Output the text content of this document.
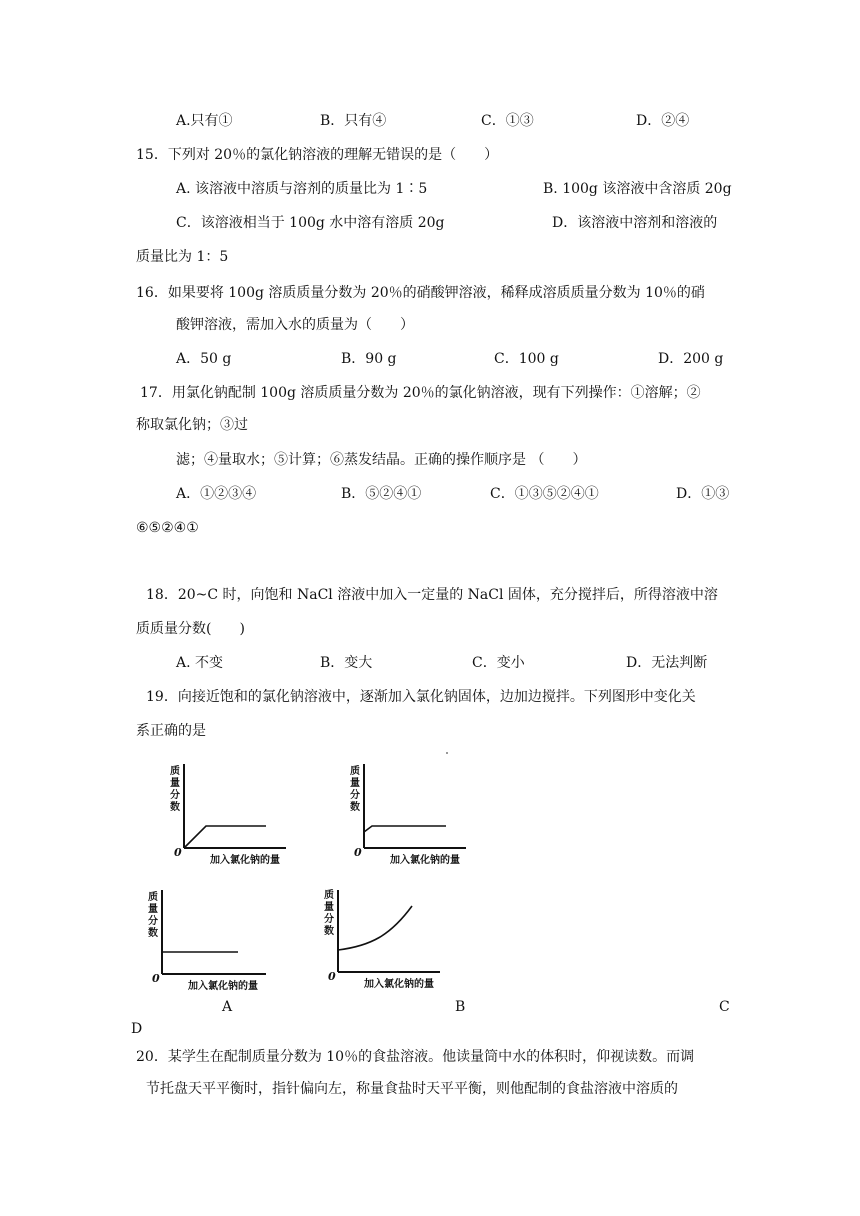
A.只有①	B．只有④	C．①③	D．②④
15．下列对 20％的氯化钠溶液的理解无错误的是（　　）
A. 该溶液中溶质与溶剂的质量比为 1∶5	B. 100g 该溶液中含溶质 20g
C．该溶液相当于 100g 水中溶有溶质 20g	D．该溶液中溶剂和溶液的
质量比为 1：5
16．如果要将 100g 溶质质量分数为 20％的硝酸钾溶液，稀释成溶质质量分数为 10％的硝
酸钾溶液，需加入水的质量为（　　）
A．50 g	B．90 g	C．100 g	D．200 g
17．用氯化钠配制 100g 溶质质量分数为 20％的氯化钠溶液，现有下列操作：①溶解；②
称取氯化钠；③过
滤；④量取水；⑤计算；⑥蒸发结晶。正确的操作顺序是 （　　）
A．①②③④	B．⑤②④①	C．①③⑤②④①	D．①③
⑥⑤②④①
18．20~C 时，向饱和 NaCl 溶液中加入一定量的 NaCl 固体，充分搅拌后，所得溶液中溶
质质量分数(　　)
A. 不变	B．变大	C．变小	D．无法判断
19．向接近饱和的氯化钠溶液中，逐渐加入氯化钠固体，边加边搅拌。下列图形中变化关
系正确的是
质
量
分
数
0
加入氯化钠的量
质
量
分
数
0
加入氯化钠的量
质
量
分
数
0
加入氯化钠的量
质
量
分
数
0
加入氯化钠的量
A	B	C
D
20．某学生在配制质量分数为 10％的食盐溶液。他读量筒中水的体积时，仰视读数。而调
节托盘天平平衡时，指针偏向左，称量食盐时天平平衡，则他配制的食盐溶液中溶质的
